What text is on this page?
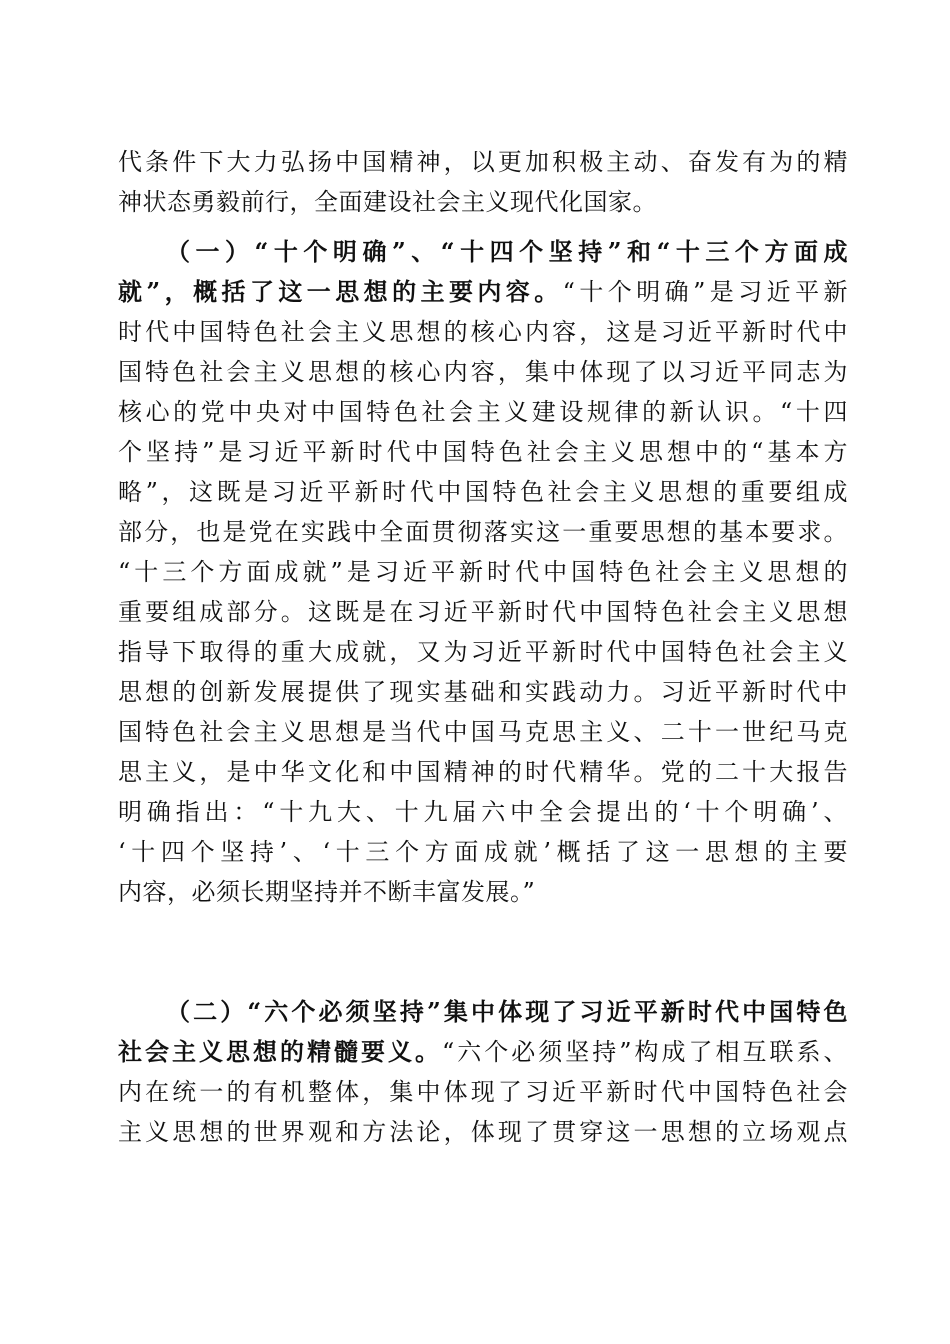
代条件下大力弘扬中国精神，以更加积极主动、奋发有为的精
神状态勇毅前行，全面建设社会主义现代化国家。
（一）“十个明确”、“十四个坚持”和“十三个方面成
就”，概括了这一思想的主要内容。“十个明确”是习近平新
时代中国特色社会主义思想的核心内容，这是习近平新时代中
国特色社会主义思想的核心内容，集中体现了以习近平同志为
核心的党中央对中国特色社会主义建设规律的新认识。“十四
个坚持”是习近平新时代中国特色社会主义思想中的“基本方
略”，这既是习近平新时代中国特色社会主义思想的重要组成
部分，也是党在实践中全面贯彻落实这一重要思想的基本要求。
“十三个方面成就”是习近平新时代中国特色社会主义思想的
重要组成部分。这既是在习近平新时代中国特色社会主义思想
指导下取得的重大成就，又为习近平新时代中国特色社会主义
思想的创新发展提供了现实基础和实践动力。习近平新时代中
国特色社会主义思想是当代中国马克思主义、二十一世纪马克
思主义，是中华文化和中国精神的时代精华。党的二十大报告
明确指出：“十九大、十九届六中全会提出的‘十个明确’、
‘十四个坚持’、‘十三个方面成就’概括了这一思想的主要
内容，必须长期坚持并不断丰富发展。”
（二）“六个必须坚持”集中体现了习近平新时代中国特色
社会主义思想的精髓要义。“六个必须坚持”构成了相互联系、
内在统一的有机整体，集中体现了习近平新时代中国特色社会
主义思想的世界观和方法论，体现了贯穿这一思想的立场观点
